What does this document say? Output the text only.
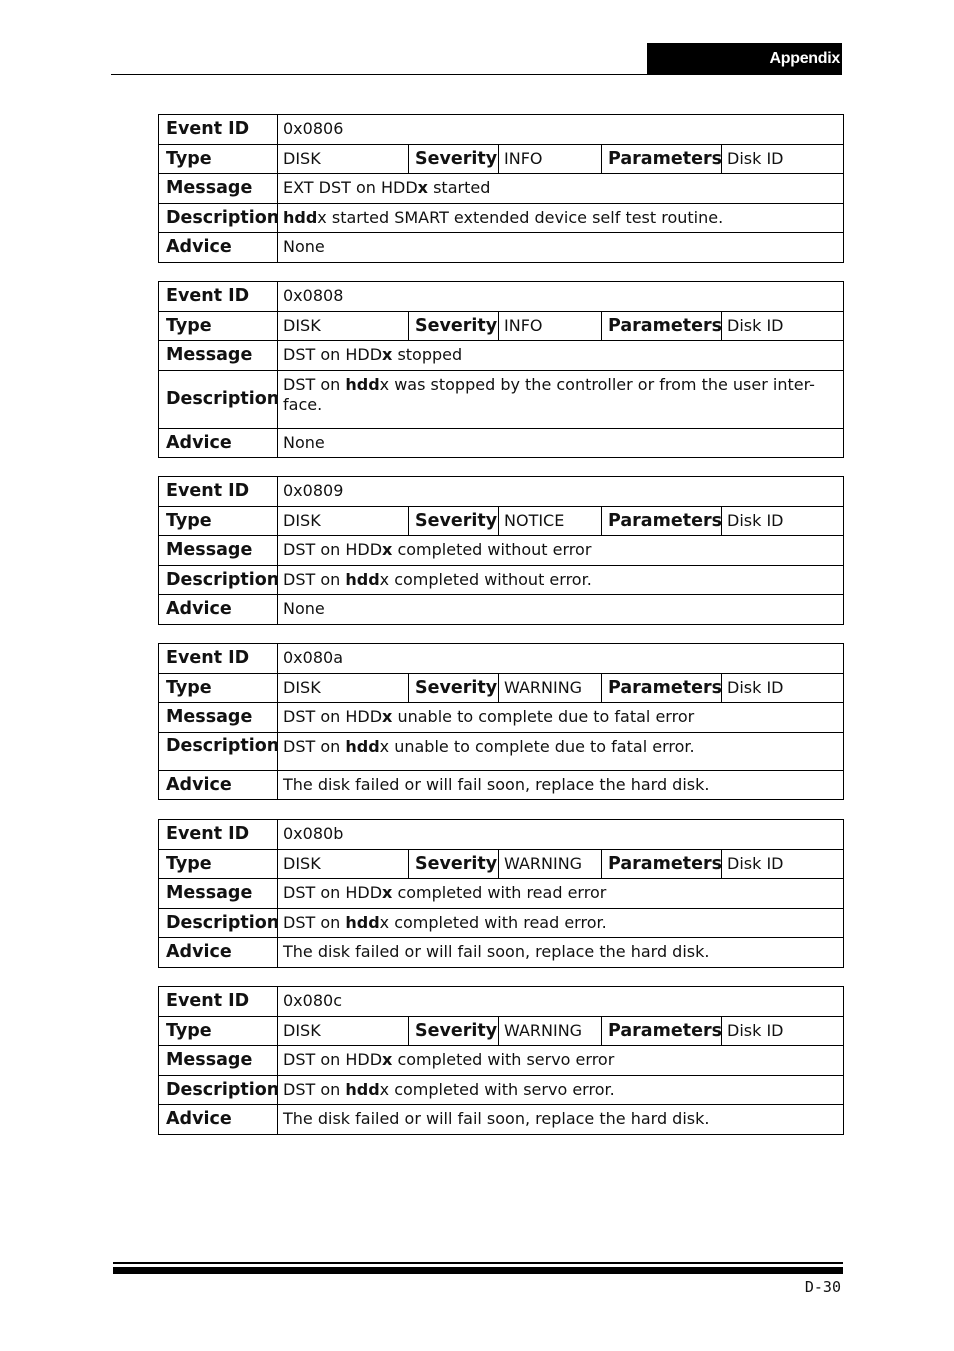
Appendix
Event ID	0x0806				
Type	DISK	Severity	INFO	Parameters	Disk ID
Message	EXT DST on HDDx started				
Description	hddx started SMART extended device self test routine.				
Advice	None				
Event ID	0x0808				
Type	DISK	Severity	INFO	Parameters	Disk ID
Message	DST on HDDx stopped				
Description	DST on hddx was stopped by the controller or from the user inter-face.				
Advice	None				
Event ID	0x0809				
Type	DISK	Severity	NOTICE	Parameters	Disk ID
Message	DST on HDDx completed without error				
Description	DST on hddx completed without error.				
Advice	None				
Event ID	0x080a				
Type	DISK	Severity	WARNING	Parameters	Disk ID
Message	DST on HDDx unable to complete due to fatal error				
Description	DST on hddx unable to complete due to fatal error.				
Advice	The disk failed or will fail soon, replace the hard disk.				
Event ID	0x080b				
Type	DISK	Severity	WARNING	Parameters	Disk ID
Message	DST on HDDx completed with read error				
Description	DST on hddx completed with read error.				
Advice	The disk failed or will fail soon, replace the hard disk.				
Event ID	0x080c				
Type	DISK	Severity	WARNING	Parameters	Disk ID
Message	DST on HDDx completed with servo error				
Description	DST on hddx completed with servo error.				
Advice	The disk failed or will fail soon, replace the hard disk.				
D-30
